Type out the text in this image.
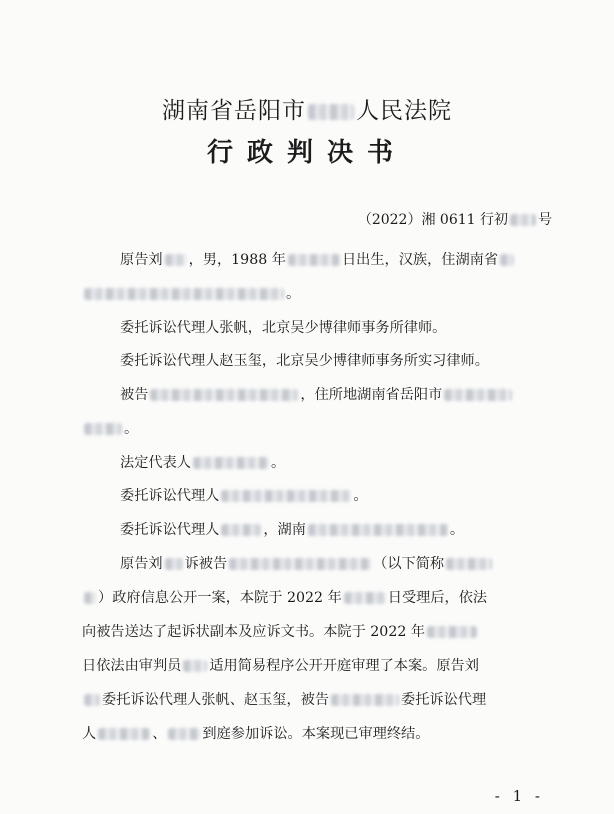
湖南省岳阳市 人民法院
行政判决书
（2022）湘 0611 行初 号
原告刘 ，男，1988 年	日出生，汉族，住湖南省
。
委托诉讼代理人张帆，北京吴少博律师事务所律师。
委托诉讼代理人赵玉玺，北京吴少博律师事务所实习律师。
被告	，住所地湖南省岳阳市
。
法定代表人	。
委托诉讼代理人	。
委托诉讼代理人	，湖南	。
原告刘 诉被告	（以下简称
）政府信息公开一案，本院于 2022 年	日受理后，依法
向被告送达了起诉状副本及应诉文书。本院于 2022 年
日依法由审判员 适用简易程序公开开庭审理了本案。原告刘
委托诉讼代理人张帆、赵玉玺，被告	委托诉讼代理
人	、	到庭参加诉讼。本案现已审理终结。
- 1 -
